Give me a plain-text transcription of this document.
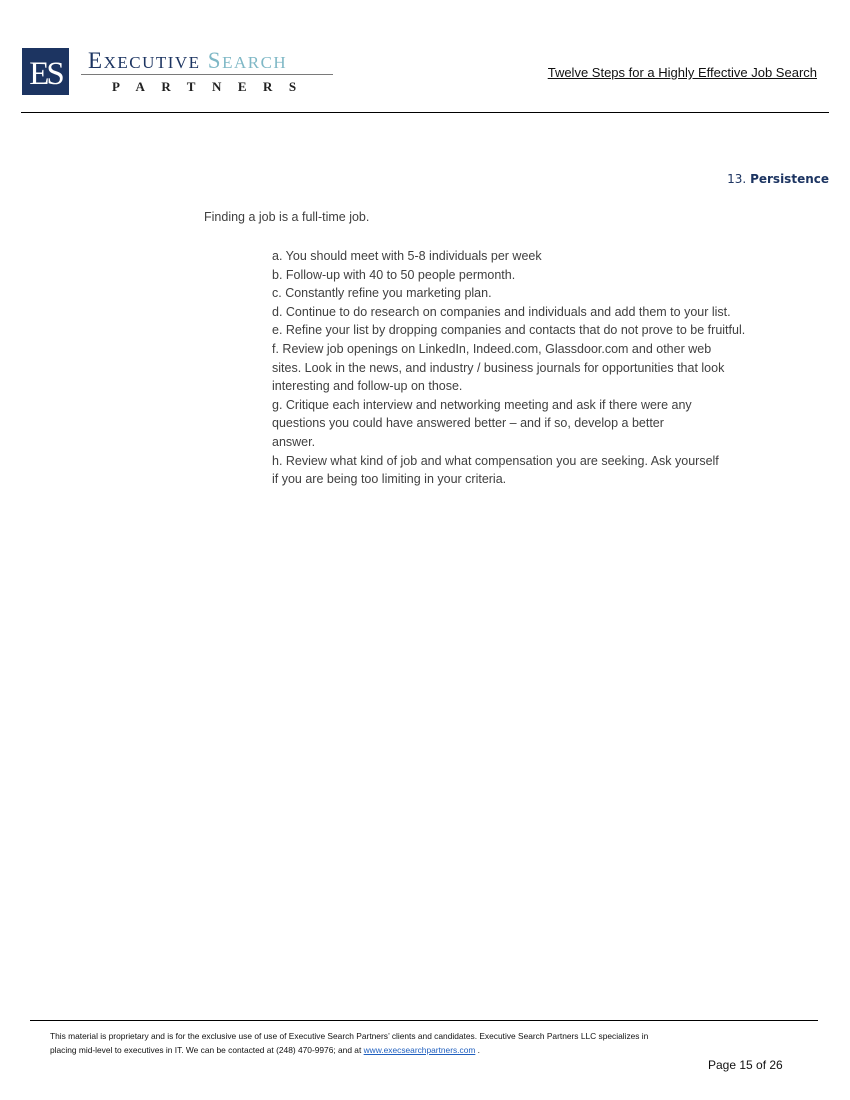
ES	EXECUTIVE SEARCH
PARTNERS
Twelve Steps for a Highly Effective Job Search
13. Persistence
Finding a job is a full-time job.
a. You should meet with 5-8 individuals per week
b. Follow-up with 40 to 50 people permonth.
c. Constantly refine you marketing plan.
d. Continue to do research on companies and individuals and add them to your list.
e. Refine your list by dropping companies and contacts that do not prove to be fruitful.
f. Review job openings on LinkedIn, Indeed.com, Glassdoor.com and other web
sites. Look in the news, and industry / business journals for opportunities that look
interesting and follow-up on those.
g. Critique each interview and networking meeting and ask if there were any
questions you could have answered better – and if so, develop a better
answer.
h. Review what kind of job and what compensation you are seeking. Ask yourself
if you are being too limiting in your criteria.
This material is proprietary and is for the exclusive use of use of Executive Search Partners’ clients and candidates. Executive Search Partners LLC specializes in
placing mid-level to executives in IT. We can be contacted at (248) 470-9976; and at www.execsearchpartners.com .
Page 15 of 26
